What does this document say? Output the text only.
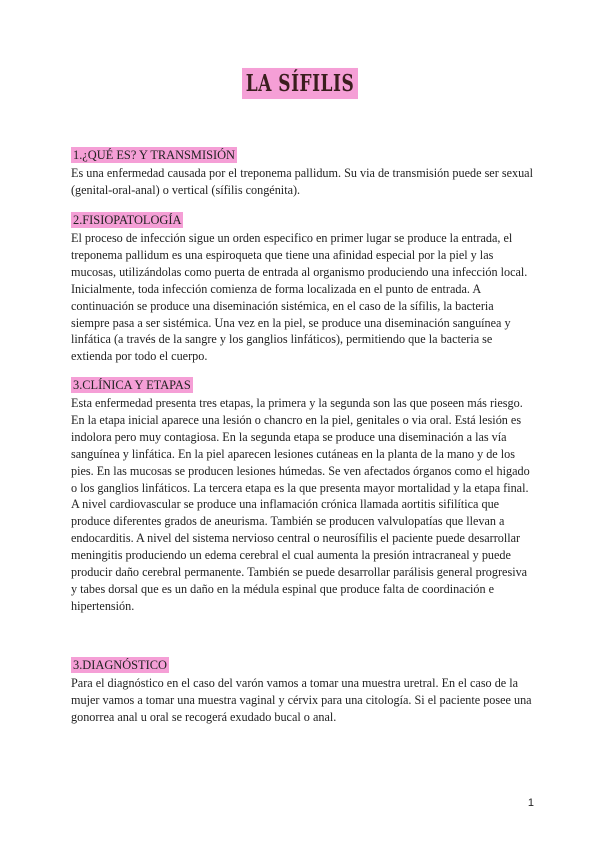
LA SÍFILIS
1.¿QUÉ ES? Y TRANSMISIÓN

Es una enfermedad causada por el treponema pallidum. Su via de transmisión puede ser sexual (genital-oral-anal) o vertical (sífilis congénita).

2.FISIOPATOLOGÍA

El proceso de infección sigue un orden especifico en primer lugar se produce la entrada, el treponema pallidum es una espiroqueta que tiene una afinidad especial por la piel y las mucosas, utilizándolas como puerta de entrada al organismo produciendo una infección local. Inicialmente, toda infección comienza de forma localizada en el punto de entrada. A continuación se produce una diseminación sistémica, en el caso de la sífilis, la bacteria siempre pasa a ser sistémica. Una vez en la piel, se produce una diseminación sanguínea y linfática (a través de la sangre y los ganglios linfáticos), permitiendo que la bacteria se extienda por todo el cuerpo.

3.CLÍNICA Y ETAPAS

Esta enfermedad presenta tres etapas, la primera y la segunda son las que poseen más riesgo. En la etapa inicial aparece una lesión o chancro en la piel, genitales o via oral. Está lesión es indolora pero muy contagiosa. En la segunda etapa se produce una diseminación a las vía sanguínea y linfática. En la piel aparecen lesiones cutáneas en la planta de la mano y de los pies. En las mucosas se producen lesiones húmedas. Se ven afectados órganos como el higado o los ganglios linfáticos. La tercera etapa es la que presenta mayor mortalidad y la etapa final. A nivel cardiovascular se produce una inflamación crónica llamada aortitis sifilítica que produce diferentes grados de aneurisma. También se producen valvulopatías que llevan a endocarditis. A nivel del sistema nervioso central o neurosífilis el paciente puede desarrollar meningitis produciendo un edema cerebral el cual aumenta la presión intracraneal y puede producir daño cerebral permanente. También se puede desarrollar parálisis general progresiva y tabes dorsal que es un daño en la médula espinal que produce falta de coordinación e hipertensión.

3.DIAGNÓSTICO

Para el diagnóstico en el caso del varón vamos a tomar una muestra uretral. En el caso de la mujer vamos a tomar una muestra vaginal y cérvix para una citología. Si el paciente posee una gonorrea anal u oral se recogerá exudado bucal o anal.

1
